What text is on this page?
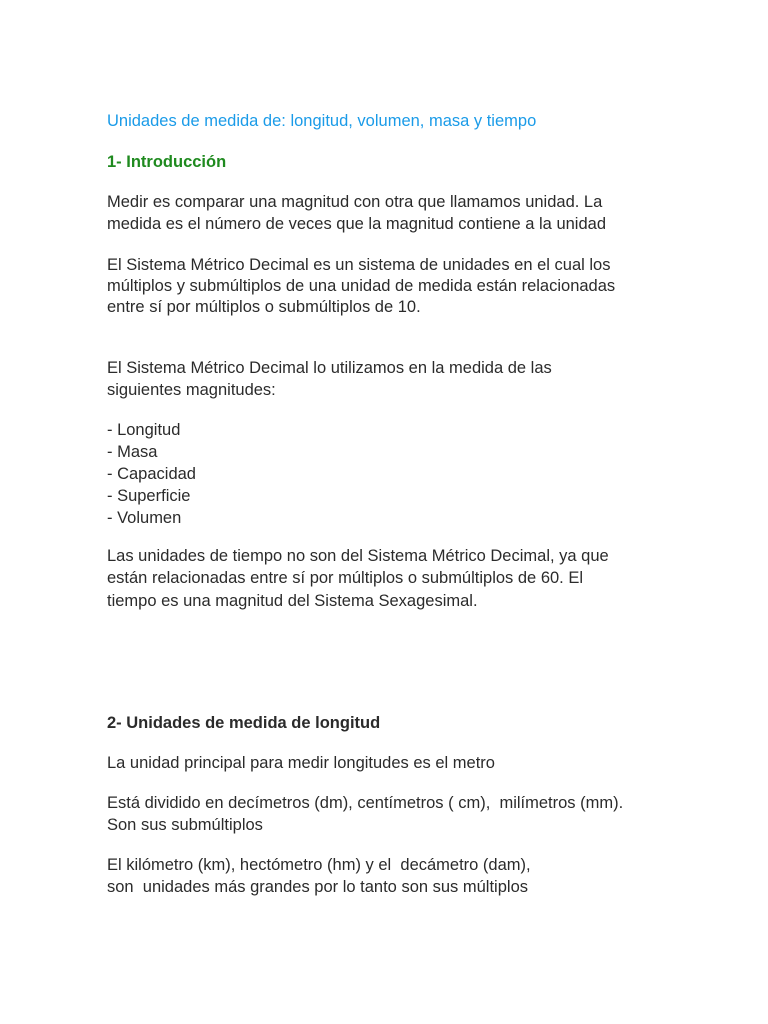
Unidades de medida de: longitud, volumen, masa y tiempo

1- Introducción

Medir es comparar una magnitud con otra que llamamos unidad. La

medida es el número de veces que la magnitud contiene a la unidad

El Sistema Métrico Decimal es un sistema de unidades en el cual los

múltiplos y submúltiplos de una unidad de medida están relacionadas

entre sí por múltiplos o submúltiplos de 10.

El Sistema Métrico Decimal lo utilizamos en la medida de las

siguientes magnitudes:

- Longitud

- Masa

- Capacidad

- Superficie

- Volumen

Las unidades de tiempo no son del Sistema Métrico Decimal, ya que

están relacionadas entre sí por múltiplos o submúltiplos de 60. El

tiempo es una magnitud del Sistema Sexagesimal.

2- Unidades de medida de longitud

La unidad principal para medir longitudes es el metro

Está dividido en decímetros (dm), centímetros ( cm),  milímetros (mm).

Son sus submúltiplos

El kilómetro (km), hectómetro (hm) y el  decámetro (dam),

son  unidades más grandes por lo tanto son sus múltiplos
